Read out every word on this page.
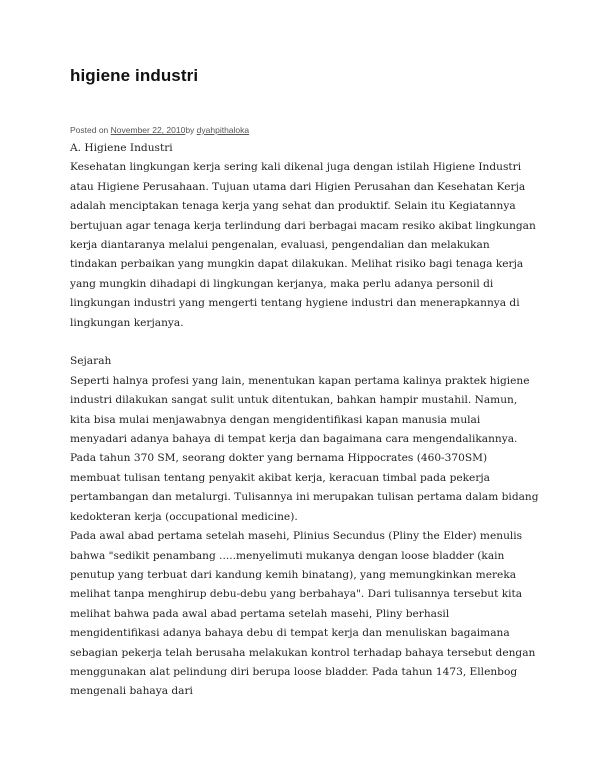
higiene industri
Posted on November 22, 2010by dyahpithaloka

A. Higiene Industri

Kesehatan lingkungan kerja sering kali dikenal juga dengan istilah Higiene Industri atau Higiene Perusahaan. Tujuan utama dari Higien Perusahan dan Kesehatan Kerja adalah menciptakan tenaga kerja yang sehat dan produktif. Selain itu Kegiatannya bertujuan agar tenaga kerja terlindung dari berbagai macam resiko akibat lingkungan kerja diantaranya melalui pengenalan, evaluasi, pengendalian dan melakukan tindakan perbaikan yang mungkin dapat dilakukan. Melihat risiko bagi tenaga kerja yang mungkin dihadapi di lingkungan kerjanya, maka perlu adanya personil di lingkungan industri yang mengerti tentang hygiene industri dan menerapkannya di lingkungan kerjanya.

Sejarah

Seperti halnya profesi yang lain, menentukan kapan pertama kalinya praktek higiene industri dilakukan sangat sulit untuk ditentukan, bahkan hampir mustahil. Namun, kita bisa mulai menjawabnya dengan mengidentifikasi kapan manusia mulai menyadari adanya bahaya di tempat kerja dan bagaimana cara mengendalikannya.

Pada tahun 370 SM, seorang dokter yang bernama Hippocrates (460-370SM) membuat tulisan tentang penyakit akibat kerja, keracuan timbal pada pekerja pertambangan dan metalurgi. Tulisannya ini merupakan tulisan pertama dalam bidang kedokteran kerja (occupational medicine).

Pada awal abad pertama setelah masehi, Plinius Secundus (Pliny the Elder) menulis bahwa "sedikit penambang .....menyelimuti mukanya dengan loose bladder (kain penutup yang terbuat dari kandung kemih binatang), yang memungkinkan mereka melihat tanpa menghirup debu-debu yang berbahaya". Dari tulisannya tersebut kita melihat bahwa pada awal abad pertama setelah masehi, Pliny berhasil mengidentifikasi adanya bahaya debu di tempat kerja dan menuliskan bagaimana sebagian pekerja telah berusaha melakukan kontrol terhadap bahaya tersebut dengan menggunakan alat pelindung diri berupa loose bladder. Pada tahun 1473, Ellenbog mengenali bahaya dari
